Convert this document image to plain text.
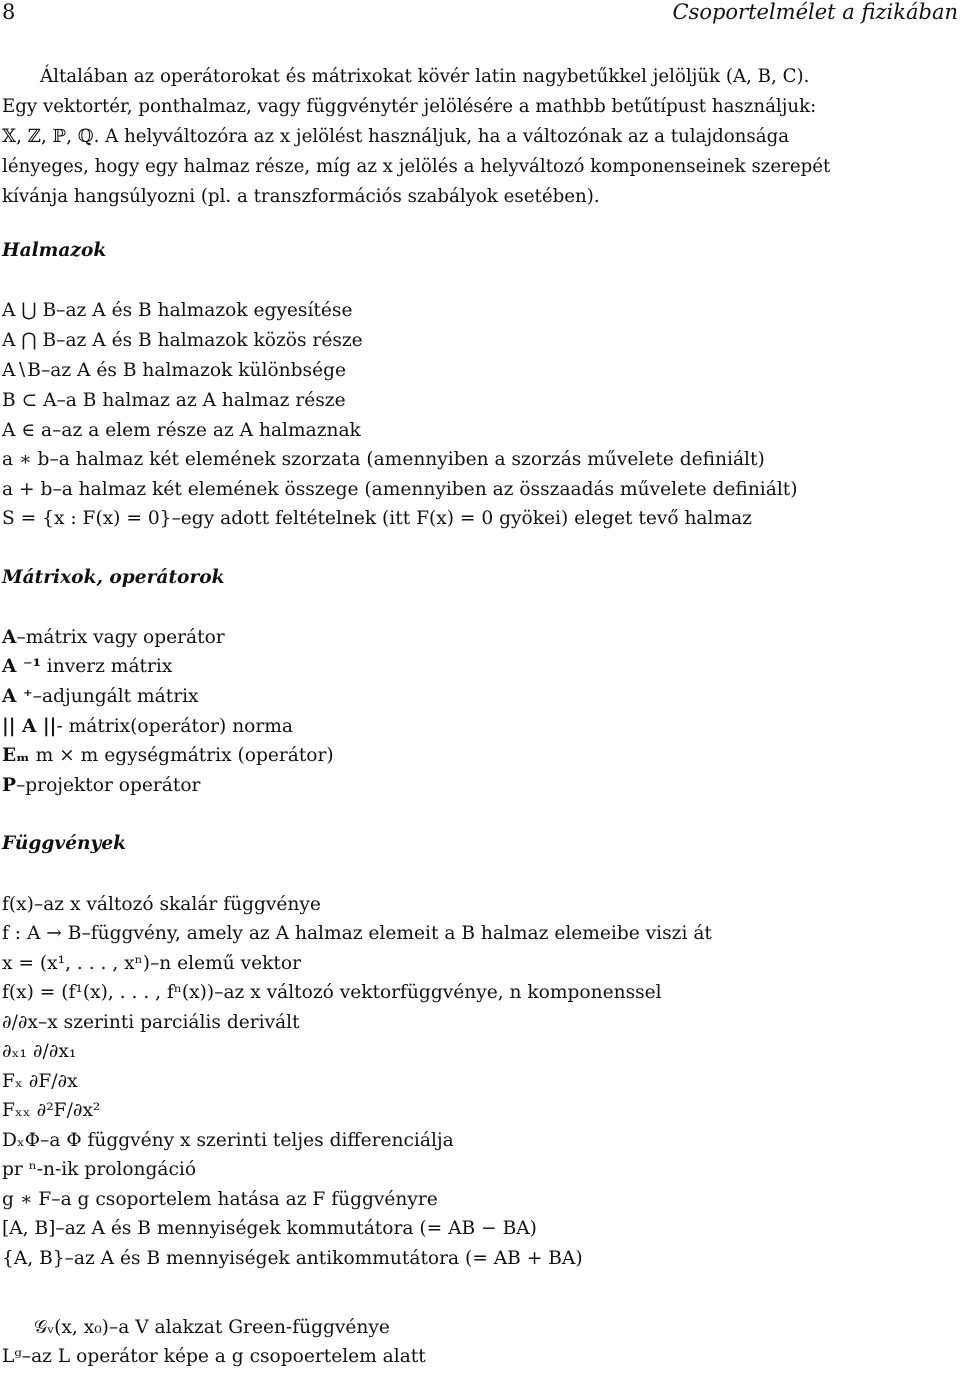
8	Csoportelmélet a fizikában
Általában az operátorokat és mátrixokat kövér latin nagybetűkkel jelöljük (A, B, C).
Egy vektortér, ponthalmaz, vagy függvénytér jelölésére a mathbb betűtípust használjuk:
𝕏, ℤ, ℙ, ℚ. A helyváltozóra az x jelölést használjuk, ha a változónak az a tulajdonsága
lényeges, hogy egy halmaz része, míg az x jelölés a helyváltozó komponenseinek szerepét
kívánja hangsúlyozni (pl. a transzformációs szabályok esetében).
Halmazok
A ⋃ B–az A és B halmazok egyesítése
A ⋂ B–az A és B halmazok közös része
A∖B–az A és B halmazok különbsége
B ⊂ A–a B halmaz az A halmaz része
A ∈ a–az a elem része az A halmaznak
a ∗ b–a halmaz két elemének szorzata (amennyiben a szorzás művelete definiált)
a + b–a halmaz két elemének összege (amennyiben az összaadás művelete definiált)
S = {x : F(x) = 0}–egy adott feltételnek (itt F(x) = 0 gyökei) eleget tevő halmaz
Mátrixok, operátorok
A–mátrix vagy operátor
A ⁻¹ inverz mátrix
A ⁺–adjungált mátrix
|| A ||- mátrix(operátor) norma
Eₘ m × m egységmátrix (operátor)
P–projektor operátor
Függvények
f(x)–az x változó skalár függvénye
f : A → B–függvény, amely az A halmaz elemeit a B halmaz elemeibe viszi át
x = (x¹, . . . , xⁿ)–n elemű vektor
f(x) = (f¹(x), . . . , fⁿ(x))–az x változó vektorfüggvénye, n komponenssel
∂/∂x–x szerinti parciális derivált
∂ₓ₁ ∂/∂x₁
Fₓ ∂F/∂x
Fₓₓ ∂²F/∂x²
DₓΦ–a Φ függvény x szerinti teljes differenciálja
pr ⁿ-n-ik prolongáció
g ∗ F–a g csoportelem hatása az F függvényre
[A, B]–az A és B mennyiségek kommutátora (= AB − BA)
{A, B}–az A és B mennyiségek antikommutátora (= AB + BA)
𝒢ᵥ(x, x₀)–a V alakzat Green-függvénye
Lᵍ–az L operátor képe a g csopoertelem alatt
